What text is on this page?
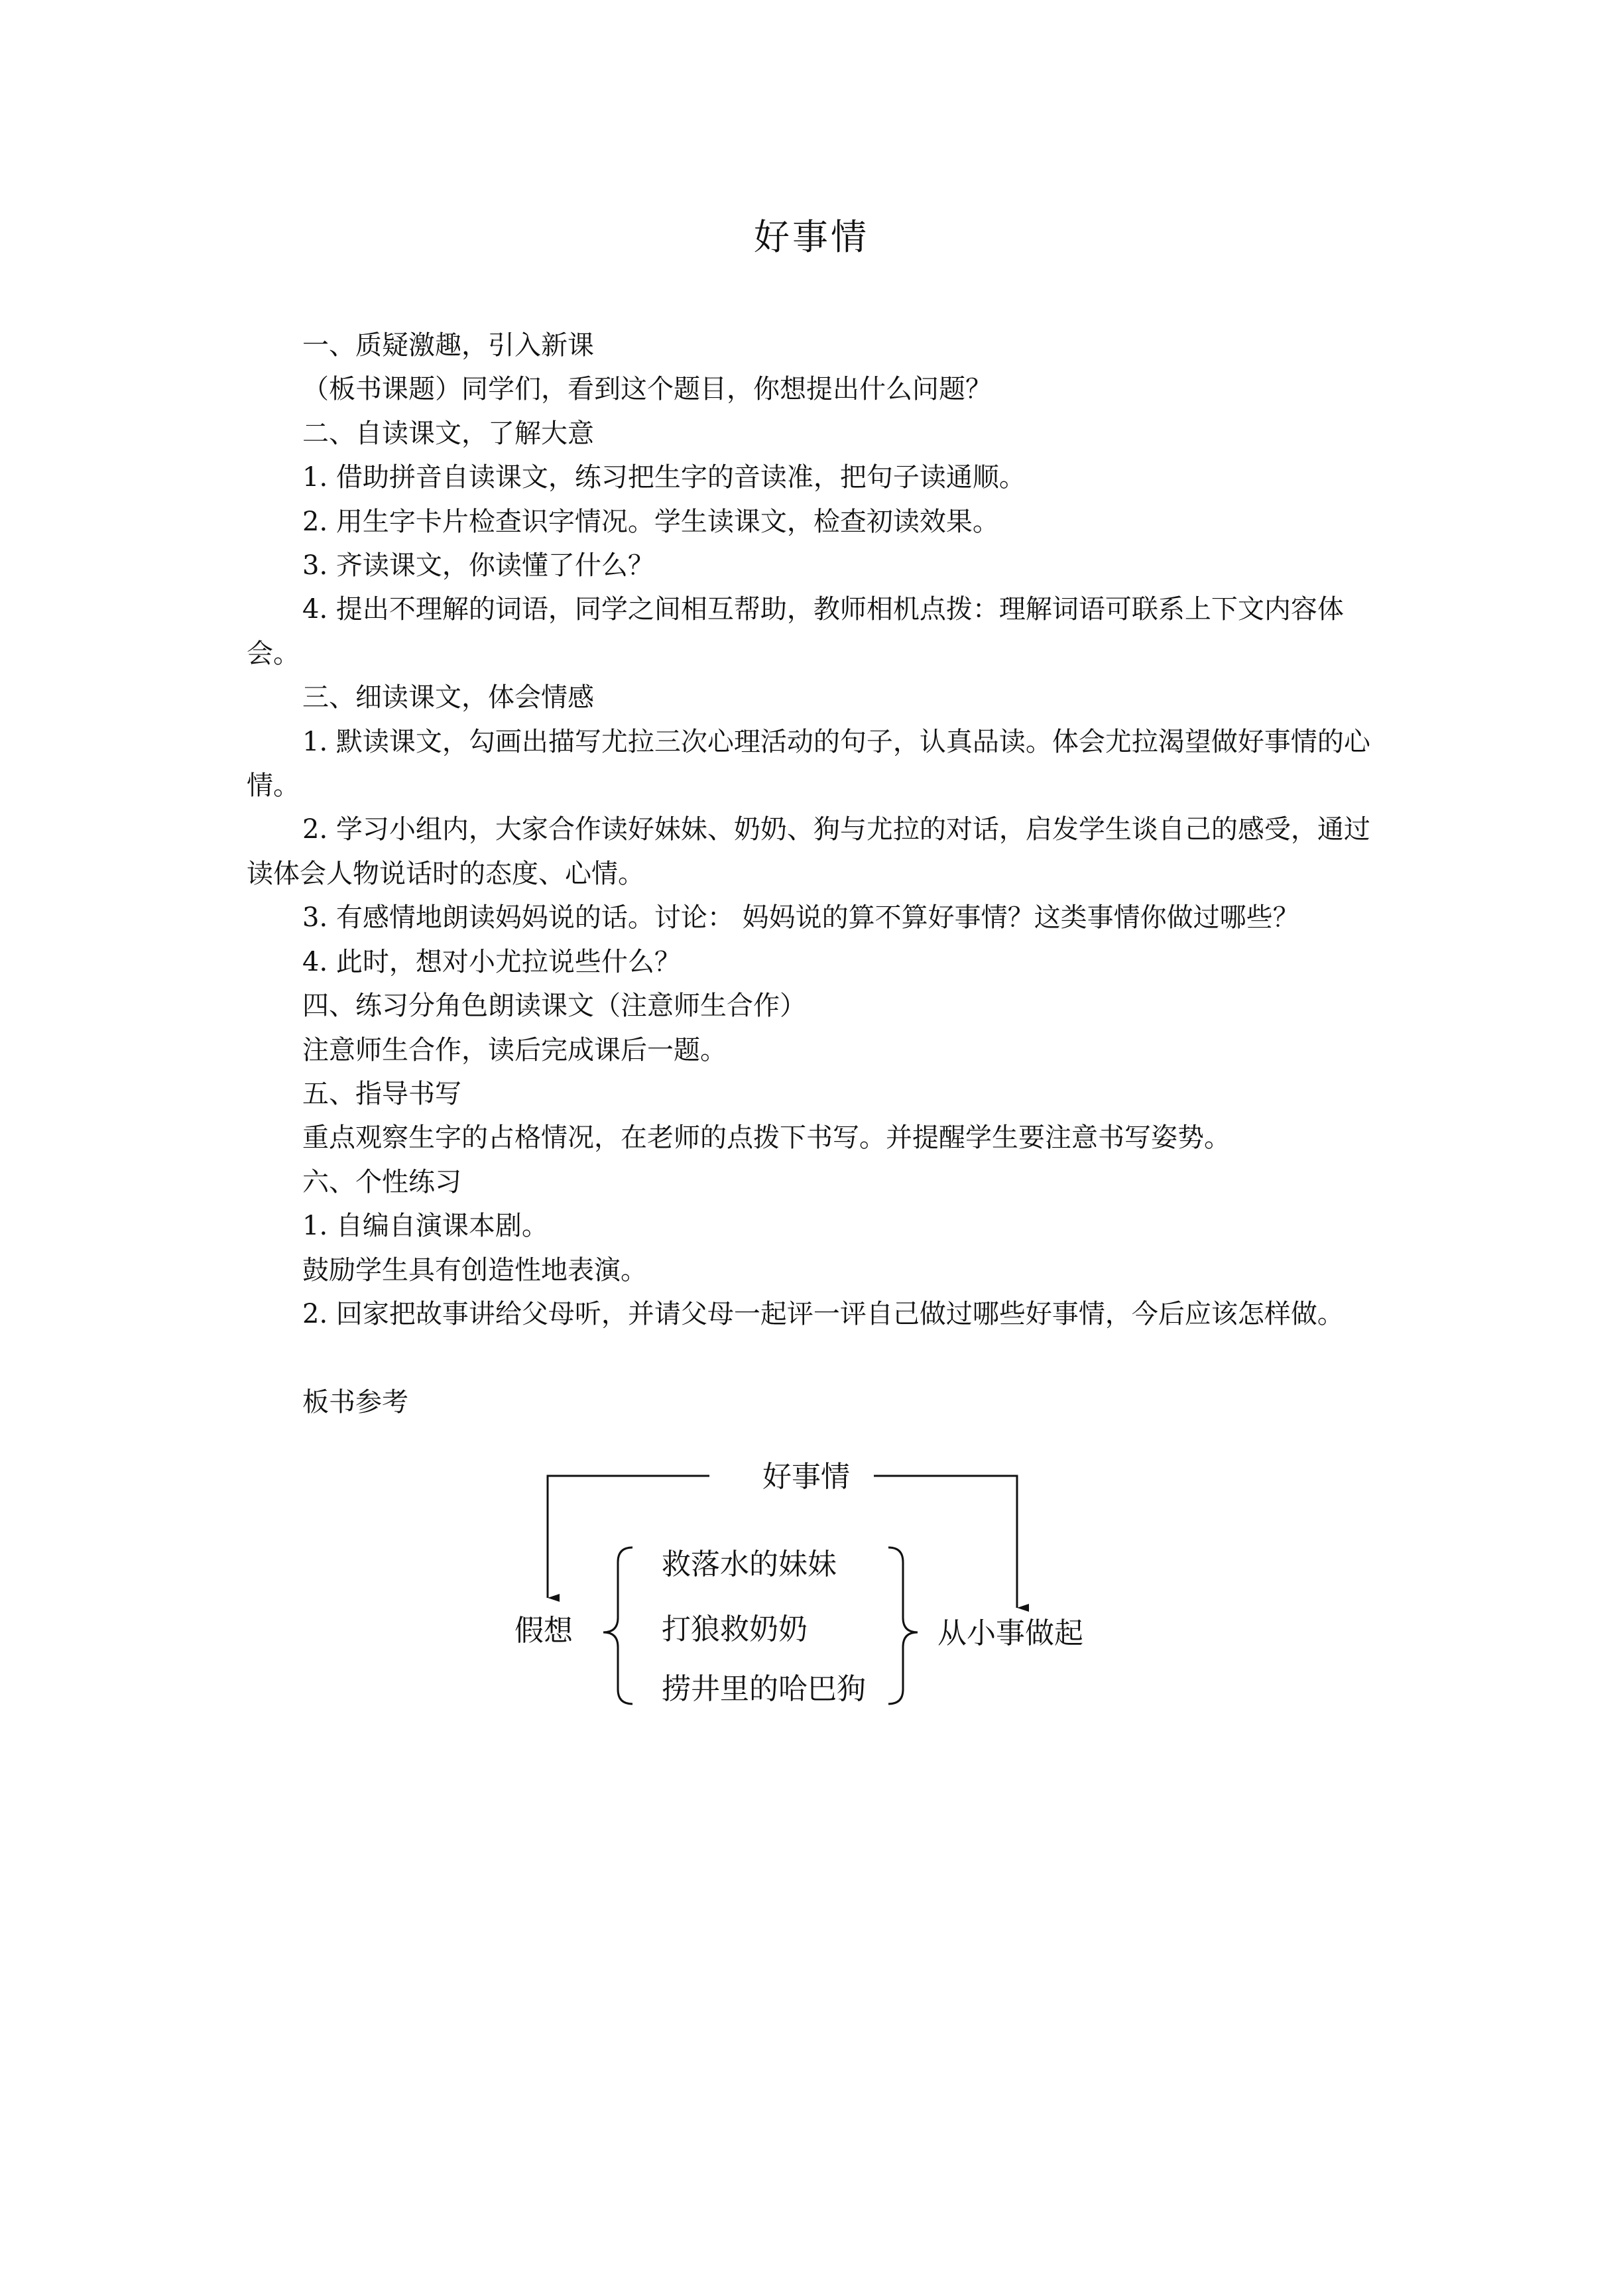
好事情

一、质疑激趣，引入新课

（板书课题）同学们，看到这个题目，你想提出什么问题？

二、自读课文，了解大意

1. 借助拼音自读课文，练习把生字的音读准，把句子读通顺。

2. 用生字卡片检查识字情况。学生读课文，检查初读效果。

3. 齐读课文，你读懂了什么？

4. 提出不理解的词语，同学之间相互帮助，教师相机点拨：理解词语可联系上下文内容体会。

三、细读课文，体会情感

1. 默读课文，勾画出描写尤拉三次心理活动的句子，认真品读。体会尤拉渴望做好事情的心情。

2. 学习小组内，大家合作读好妹妹、奶奶、狗与尤拉的对话，启发学生谈自己的感受，通过读体会人物说话时的态度、心情。

3. 有感情地朗读妈妈说的话。讨论： 妈妈说的算不算好事情？这类事情你做过哪些？

4. 此时，想对小尤拉说些什么？

四、练习分角色朗读课文（注意师生合作）

注意师生合作，读后完成课后一题。

五、指导书写

重点观察生字的占格情况，在老师的点拨下书写。并提醒学生要注意书写姿势。

六、个性练习

1. 自编自演课本剧。

鼓励学生具有创造性地表演。

2. 回家把故事讲给父母听，并请父母一起评一评自己做过哪些好事情，今后应该怎样做。

板书参考

好事情
假想
救落水的妹妹
打狼救奶奶
捞井里的哈巴狗
从小事做起
